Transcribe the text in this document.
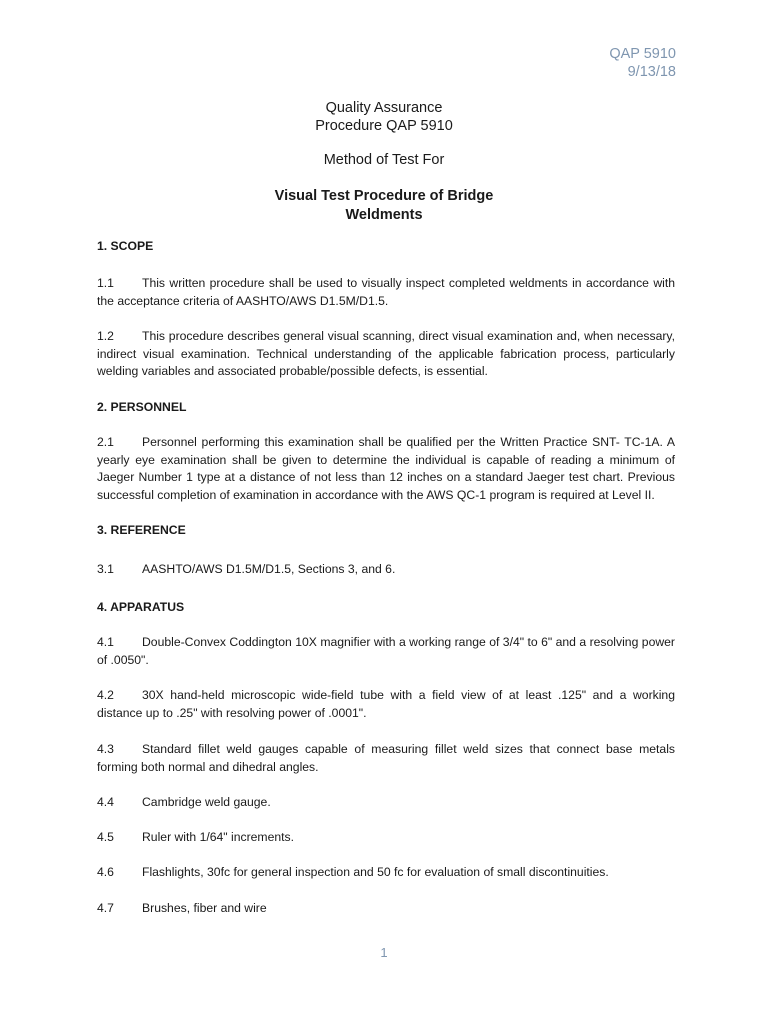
QAP 5910
9/13/18
Quality Assurance
Procedure QAP 5910
Method of Test For
Visual Test Procedure of Bridge
Weldments
1. SCOPE
1.1 This written procedure shall be used to visually inspect completed weldments in accordance with the acceptance criteria of AASHTO/AWS D1.5M/D1.5.
1.2 This procedure describes general visual scanning, direct visual examination and, when necessary, indirect visual examination. Technical understanding of the applicable fabrication process, particularly welding variables and associated probable/possible defects, is essential.
2. PERSONNEL
2.1 Personnel performing this examination shall be qualified per the Written Practice SNT- TC-1A. A yearly eye examination shall be given to determine the individual is capable of reading a minimum of Jaeger Number 1 type at a distance of not less than 12 inches on a standard Jaeger test chart. Previous successful completion of examination in accordance with the AWS QC-1 program is required at Level II.
3. REFERENCE
3.1 AASHTO/AWS D1.5M/D1.5, Sections 3, and 6.
4. APPARATUS
4.1 Double-Convex Coddington 10X magnifier with a working range of 3/4" to 6" and a resolving power of .0050".
4.2 30X hand-held microscopic wide-field tube with a field view of at least .125" and a working distance up to .25" with resolving power of .0001".
4.3 Standard fillet weld gauges capable of measuring fillet weld sizes that connect base metals forming both normal and dihedral angles.
4.4 Cambridge weld gauge.
4.5 Ruler with 1/64" increments.
4.6 Flashlights, 30fc for general inspection and 50 fc for evaluation of small discontinuities.
4.7 Brushes, fiber and wire
1
